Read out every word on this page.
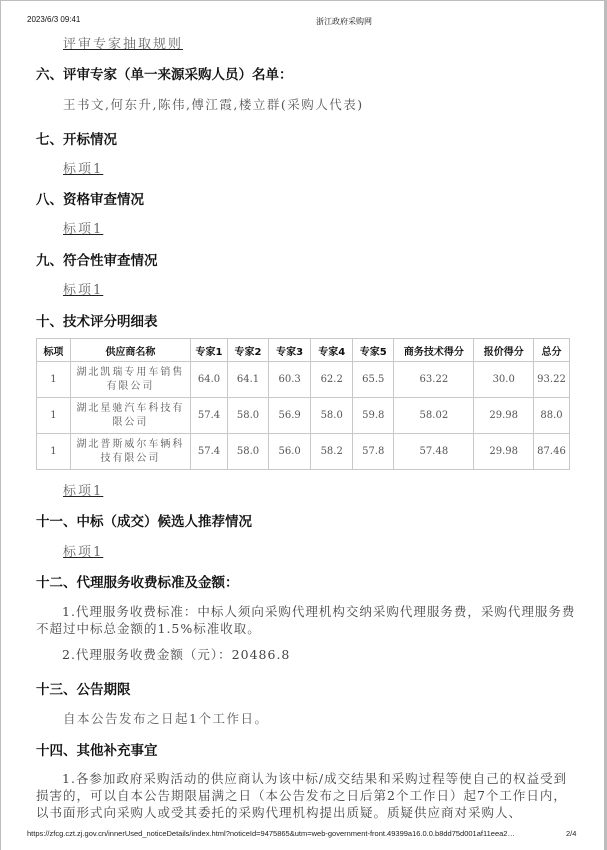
2023/6/3 09:41	浙江政府采购网
评审专家抽取规则
六、评审专家（单一来源采购人员）名单：
王书文,何东升,陈伟,傅江霞,楼立群(采购人代表)
七、开标情况
标项1
八、资格审查情况
标项1
九、符合性审查情况
标项1
十、技术评分明细表
标项	供应商名称	专家1	专家2	专家3	专家4	专家5	商务技术得分	报价得分	总分
1	湖北凯瑞专用车销售有限公司	64.0	64.1	60.3	62.2	65.5	63.22	30.0	93.22
1	湖北星驰汽车科技有限公司	57.4	58.0	56.9	58.0	59.8	58.02	29.98	88.0
1	湖北普斯威尔车辆科技有限公司	57.4	58.0	56.0	58.2	57.8	57.48	29.98	87.46
标项1
十一、中标（成交）候选人推荐情况
标项1
十二、代理服务收费标准及金额：
1.代理服务收费标准：中标人须向采购代理机构交纳采购代理服务费，采购代理服务费不超过中标总金额的1.5%标准收取。
2.代理服务收费金额（元）：20486.8
十三、公告期限
自本公告发布之日起1个工作日。
十四、其他补充事宜
1.各参加政府采购活动的供应商认为该中标/成交结果和采购过程等使自己的权益受到损害的，可以自本公告期限届满之日（本公告发布之日后第2个工作日）起7个工作日内，以书面形式向采购人或受其委托的采购代理机构提出质疑。质疑供应商对采购人、
https://zfcg.czt.zj.gov.cn/innerUsed_noticeDetails/index.html?noticeId=9475865&utm=web-government-front.49399a16.0.0.b8dd75d001af11eea2…	2/4
